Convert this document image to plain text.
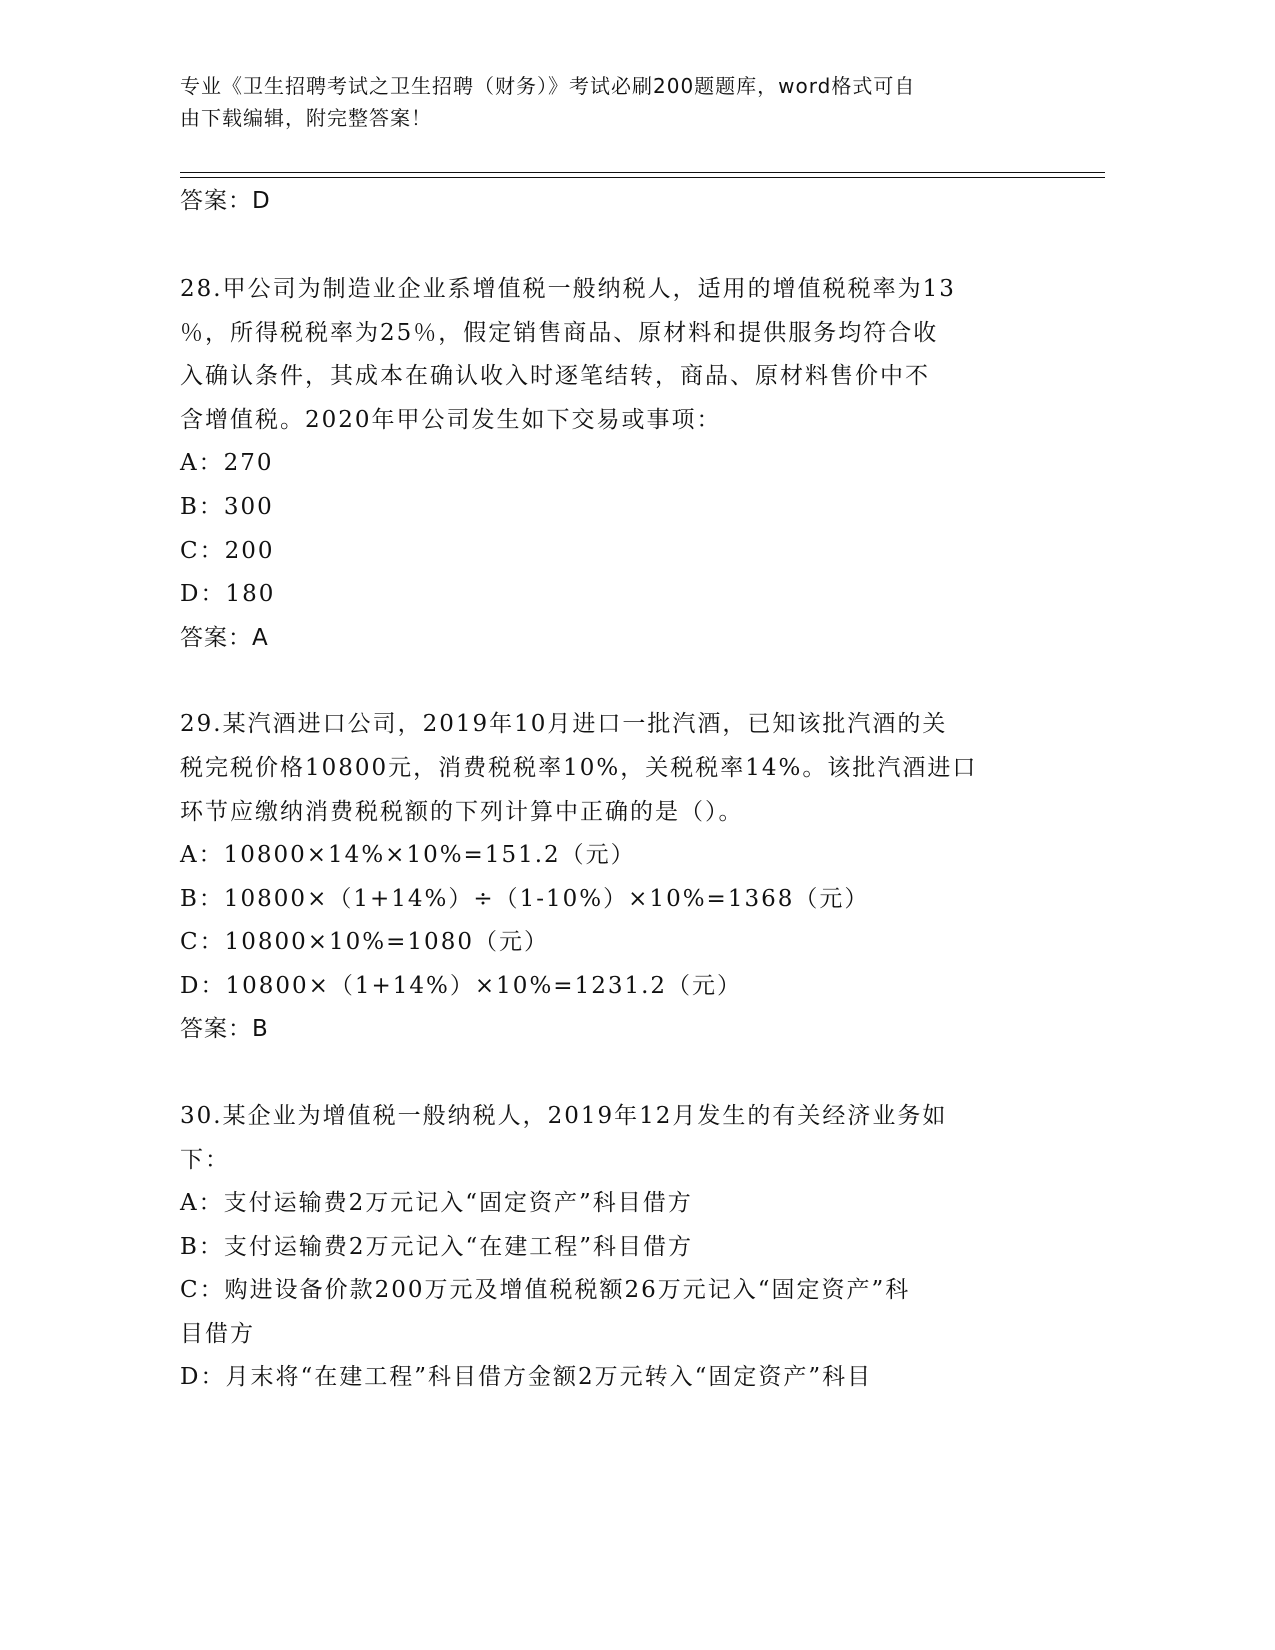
专业《卫生招聘考试之卫生招聘（财务）》考试必刷200题题库，word格式可自
由下载编辑，附完整答案！
答案：D
28.甲公司为制造业企业系增值税一般纳税人，适用的增值税税率为13
％，所得税税率为25％，假定销售商品、原材料和提供服务均符合收
入确认条件，其成本在确认收入时逐笔结转，商品、原材料售价中不
含增值税。2020年甲公司发生如下交易或事项：
A：270
B：300
C：200
D：180
答案：A
29.某汽酒进口公司，2019年10月进口一批汽酒，已知该批汽酒的关
税完税价格10800元，消费税税率10%，关税税率14%。该批汽酒进口
环节应缴纳消费税税额的下列计算中正确的是（）。
A：10800×14%×10%=151.2（元）
B：10800×（1+14%）÷（1-10%）×10%=1368（元）
C：10800×10%=1080（元）
D：10800×（1+14%）×10%=1231.2（元）
答案：B
30.某企业为增值税一般纳税人，2019年12月发生的有关经济业务如
下：
A：支付运输费2万元记入“固定资产”科目借方
B：支付运输费2万元记入“在建工程”科目借方
C：购进设备价款200万元及增值税税额26万元记入“固定资产”科
目借方
D：月末将“在建工程”科目借方金额2万元转入“固定资产”科目
